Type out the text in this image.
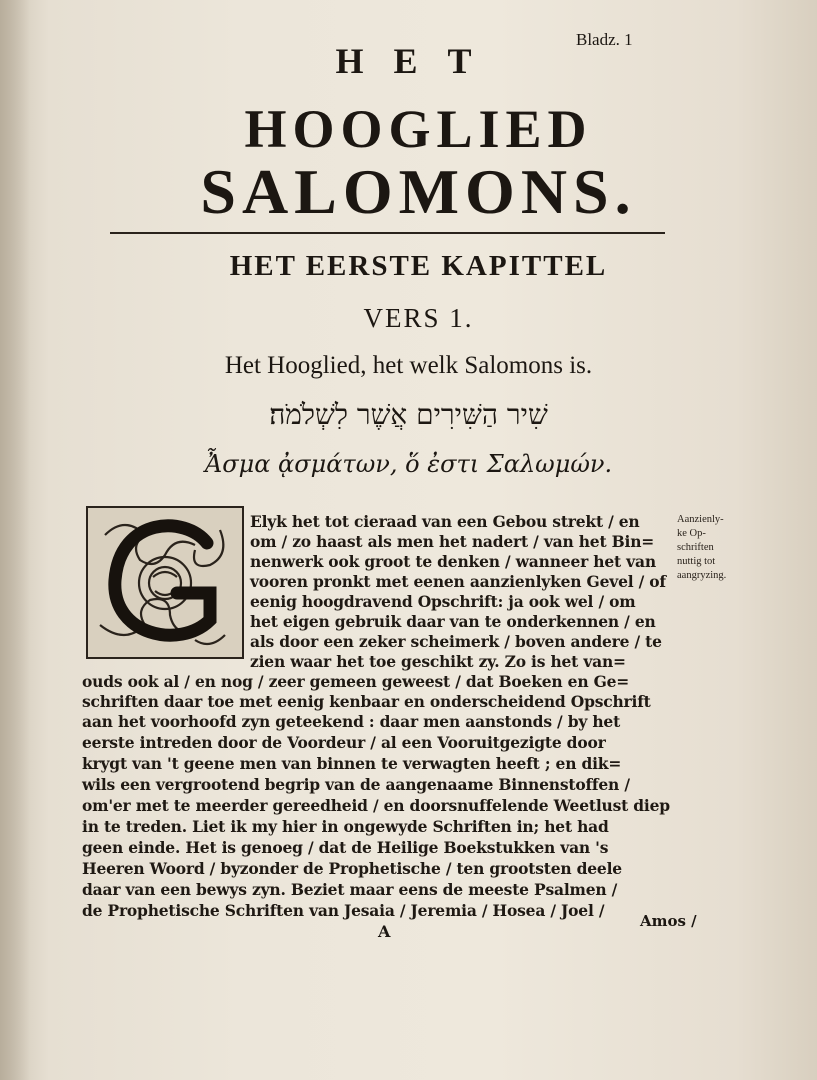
Bladz. 1
HET
HOOGLIED
SALOMONS.
HET EERSTE KAPITTEL
VERS 1.
Het Hooglied, het welk Salomons is.
שִׁיר הַשִּׁירִים אֲשֶׁר לִשְׁלֹמֹה׃
Ἆσμα ᾀσμάτων, ὅ ἐστι Σαλωμών.
Elyk het tot cieraad van een Gebou strekt / en
om / zo haast als men het nadert / van het Bin=
nenwerk ook groot te denken / wanneer het van
vooren pronkt met eenen aanzienlyken Gevel / of
eenig hoogdravend Opschrift: ja ook wel / om
het eigen gebruik daar van te onderkennen / en
als door een zeker scheimerk / boven andere / te
zien waar het toe geschikt zy. Zo is het van=
ouds ook al / en nog / zeer gemeen geweest / dat Boeken en Ge=
schriften daar toe met eenig kenbaar en onderscheidend Opschrift
aan het voorhoofd zyn geteekend : daar men aanstonds / by het
eerste intreden door de Voordeur / al een Vooruitgezigte door
krygt van 't geene men van binnen te verwagten heeft ; en dik=
wils een vergrootend begrip van de aangenaame Binnenstoffen /
om'er met te meerder gereedheid / en doorsnuffelende Weetlust diep
in te treden. Liet ik my hier in ongewyde Schriften in; het had
geen einde. Het is genoeg / dat de Heilige Boekstukken van 's
Heeren Woord / byzonder de Prophetische / ten grootsten deele
daar van een bewys zyn. Beziet maar eens de meeste Psalmen /
de Prophetische Schriften van Jesaia / Jeremia / Hosea / Joel /
Aanzienly-
ke Op-
schriften
nuttig tot
aangryzing.
Amos /
A
